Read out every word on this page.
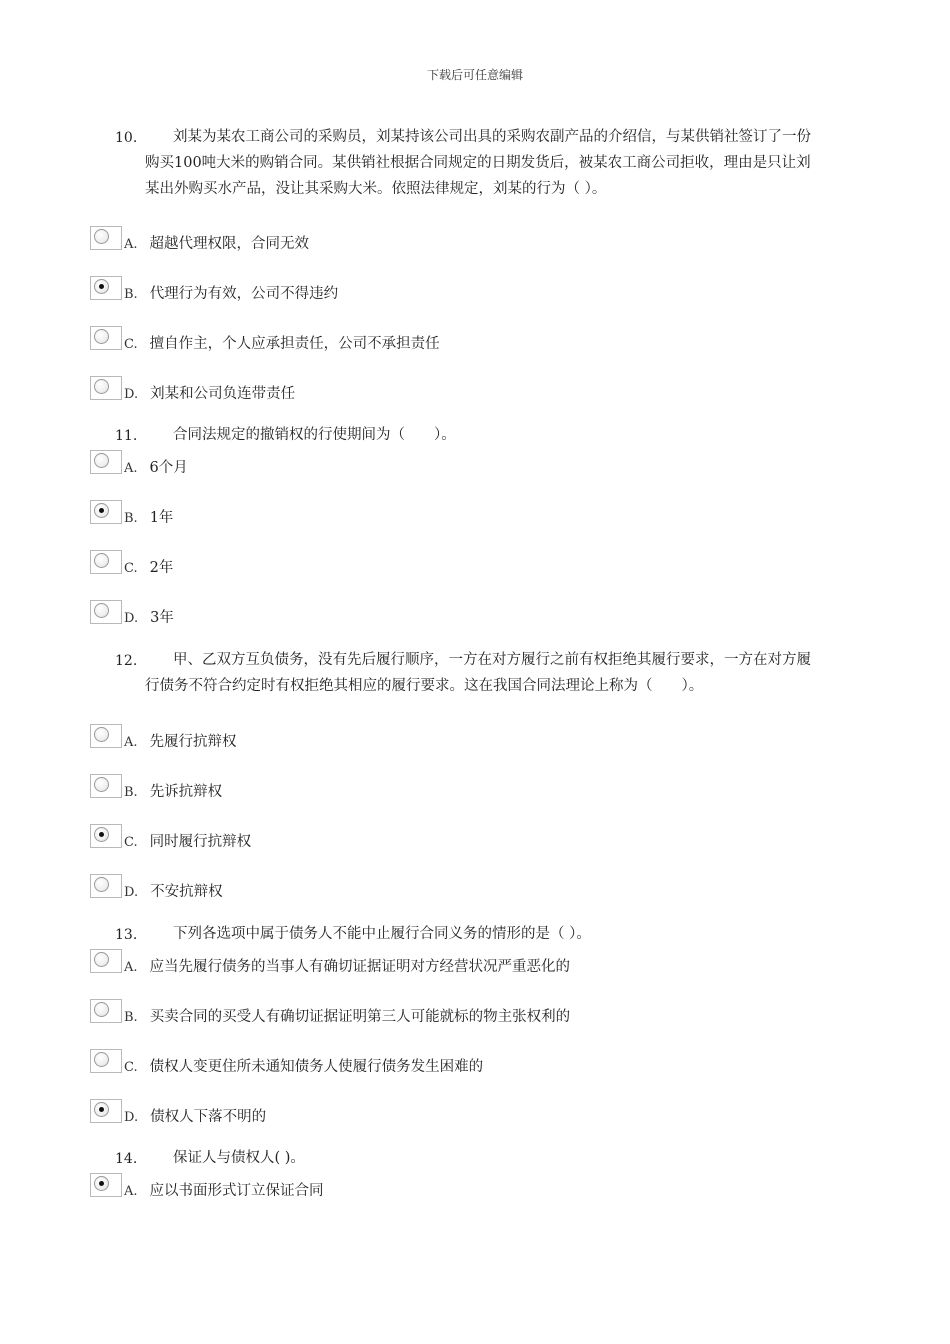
下载后可任意编辑
10.	刘某为某农工商公司的采购员，刘某持该公司出具的采购农副产品的介绍信，与某供销社签订了一份购买100吨大米的购销合同。某供销社根据合同规定的日期发货后，被某农工商公司拒收，理由是只让刘某出外购买水产品，没让其采购大米。依照法律规定，刘某的行为（ ）。
A. 超越代理权限，合同无效
B. 代理行为有效，公司不得违约
C. 擅自作主，个人应承担责任，公司不承担责任
D. 刘某和公司负连带责任
11.	合同法规定的撤销权的行使期间为（　　）。
A. 6个月
B. 1年
C. 2年
D. 3年
12.	甲、乙双方互负债务，没有先后履行顺序，一方在对方履行之前有权拒绝其履行要求，一方在对方履行债务不符合约定时有权拒绝其相应的履行要求。这在我国合同法理论上称为（　　）。
A. 先履行抗辩权
B. 先诉抗辩权
C. 同时履行抗辩权
D. 不安抗辩权
13.	下列各选项中属于债务人不能中止履行合同义务的情形的是（ ）。
A. 应当先履行债务的当事人有确切证据证明对方经营状况严重恶化的
B. 买卖合同的买受人有确切证据证明第三人可能就标的物主张权利的
C. 债权人变更住所未通知债务人使履行债务发生困难的
D. 债权人下落不明的
14.	保证人与债权人( )。
A. 应以书面形式订立保证合同
